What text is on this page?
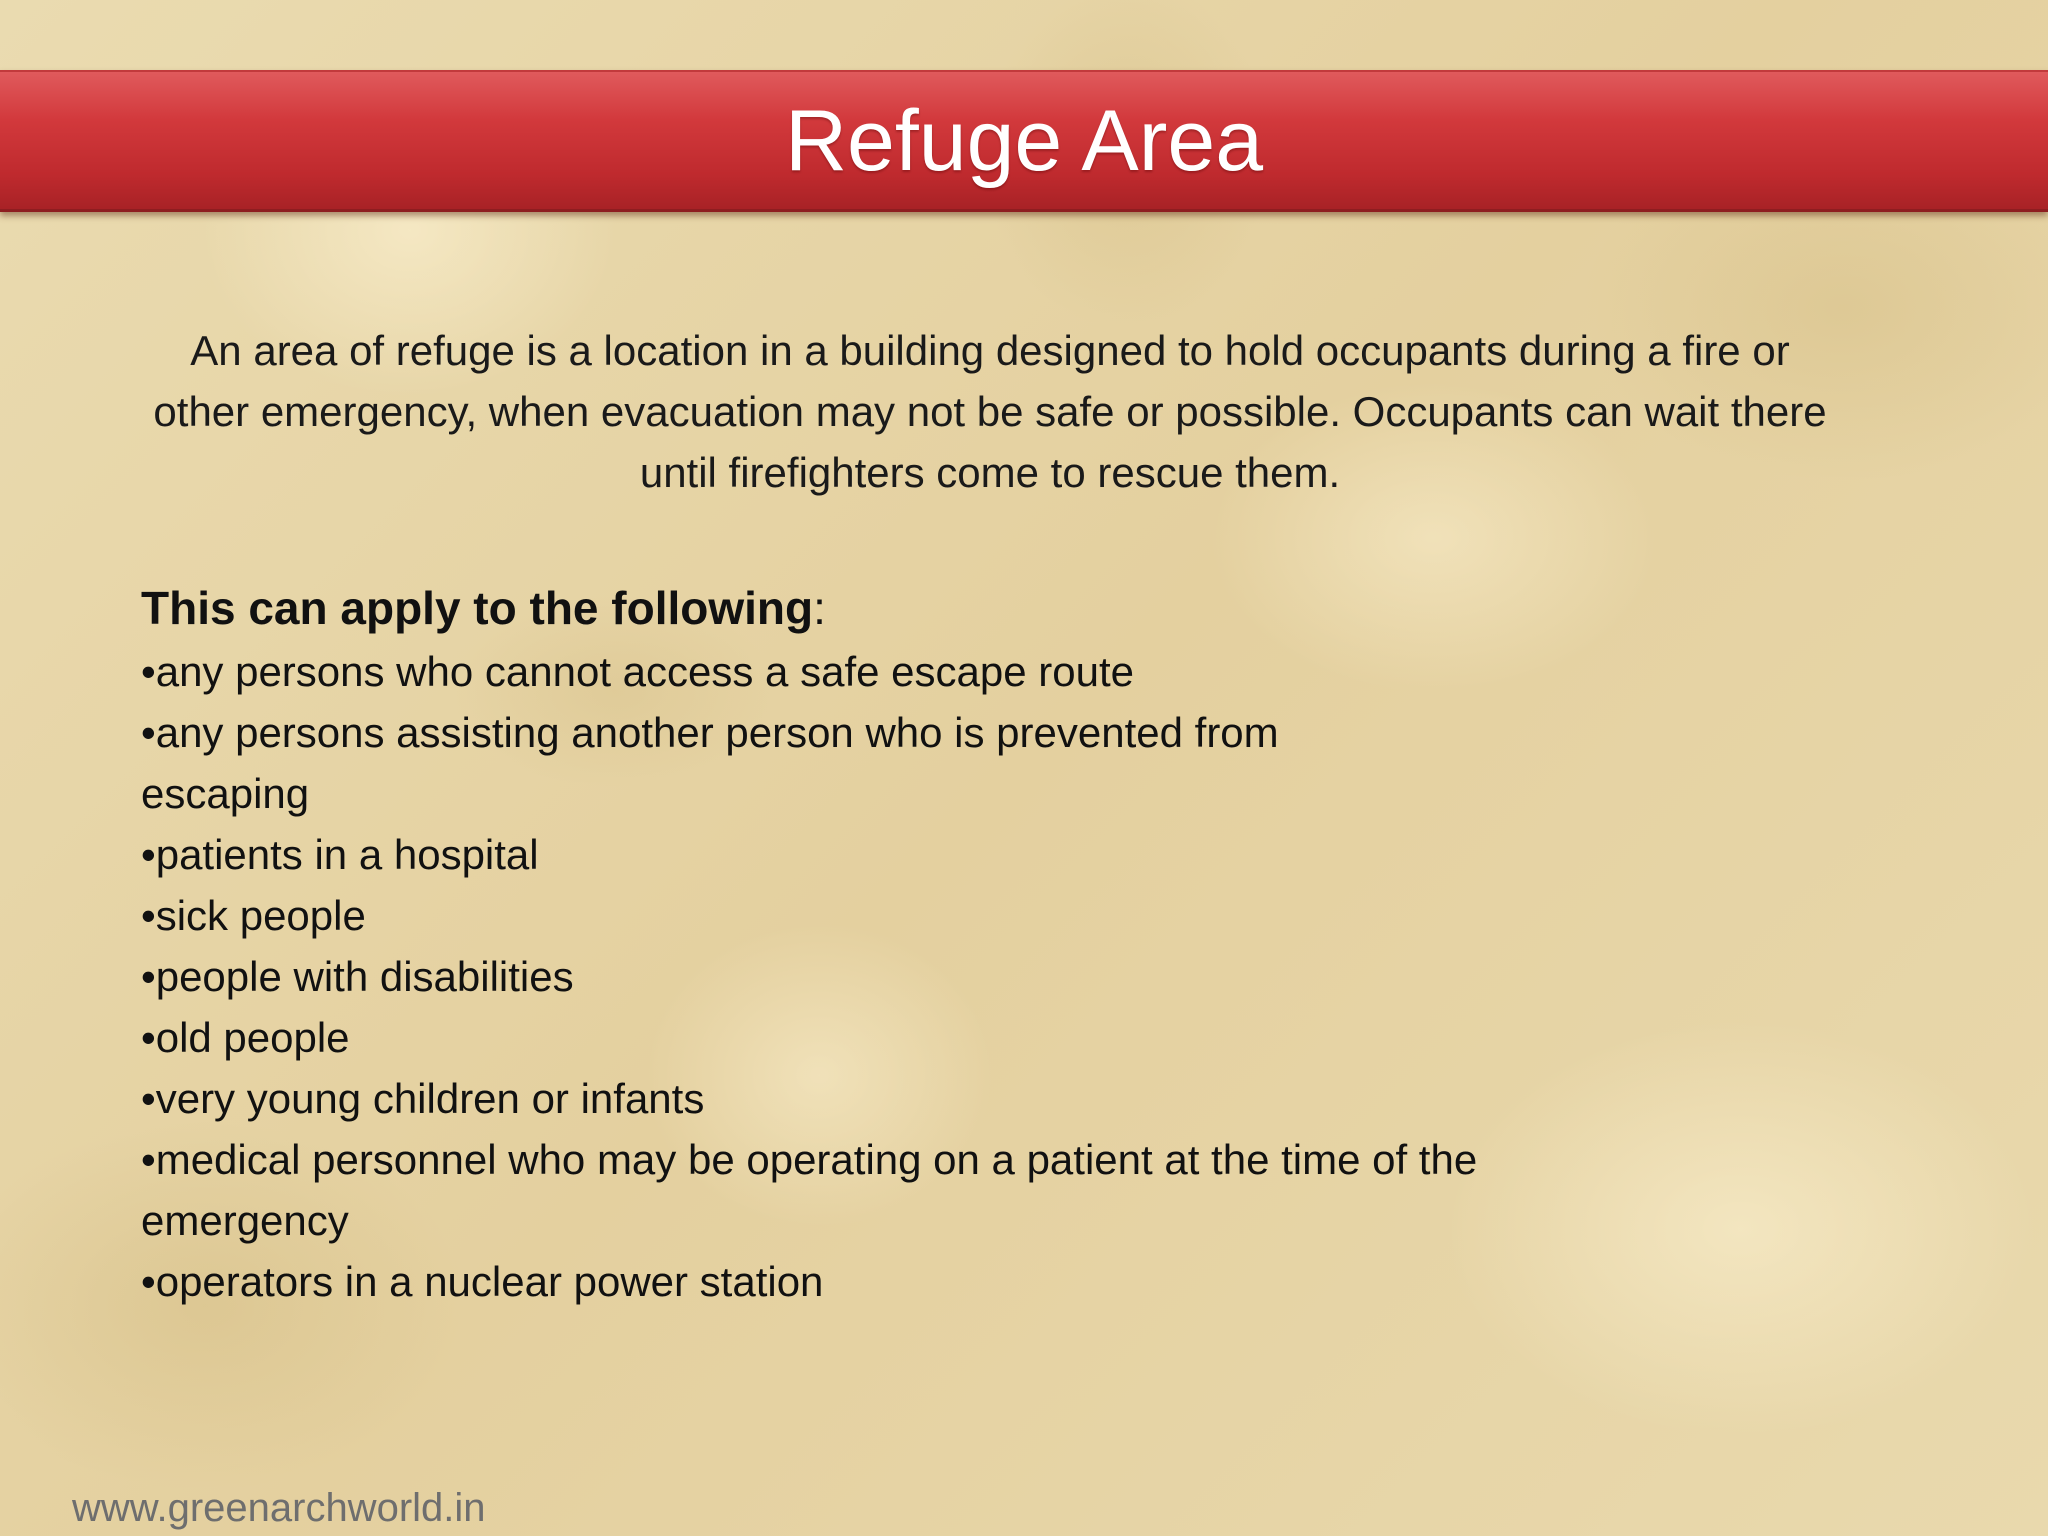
Refuge Area

An area of refuge is a location in a building designed to hold occupants during a fire or other emergency, when evacuation may not be safe or possible. Occupants can wait there until firefighters come to rescue them.

This can apply to the following:

•any persons who cannot access a safe escape route
•any persons assisting another person who is prevented from escaping
•patients in a hospital
•sick people
•people with disabilities
•old people
•very young children or infants
•medical personnel who may be operating on a patient at the time of the emergency
•operators in a nuclear power station
www.greenarchworld.in
